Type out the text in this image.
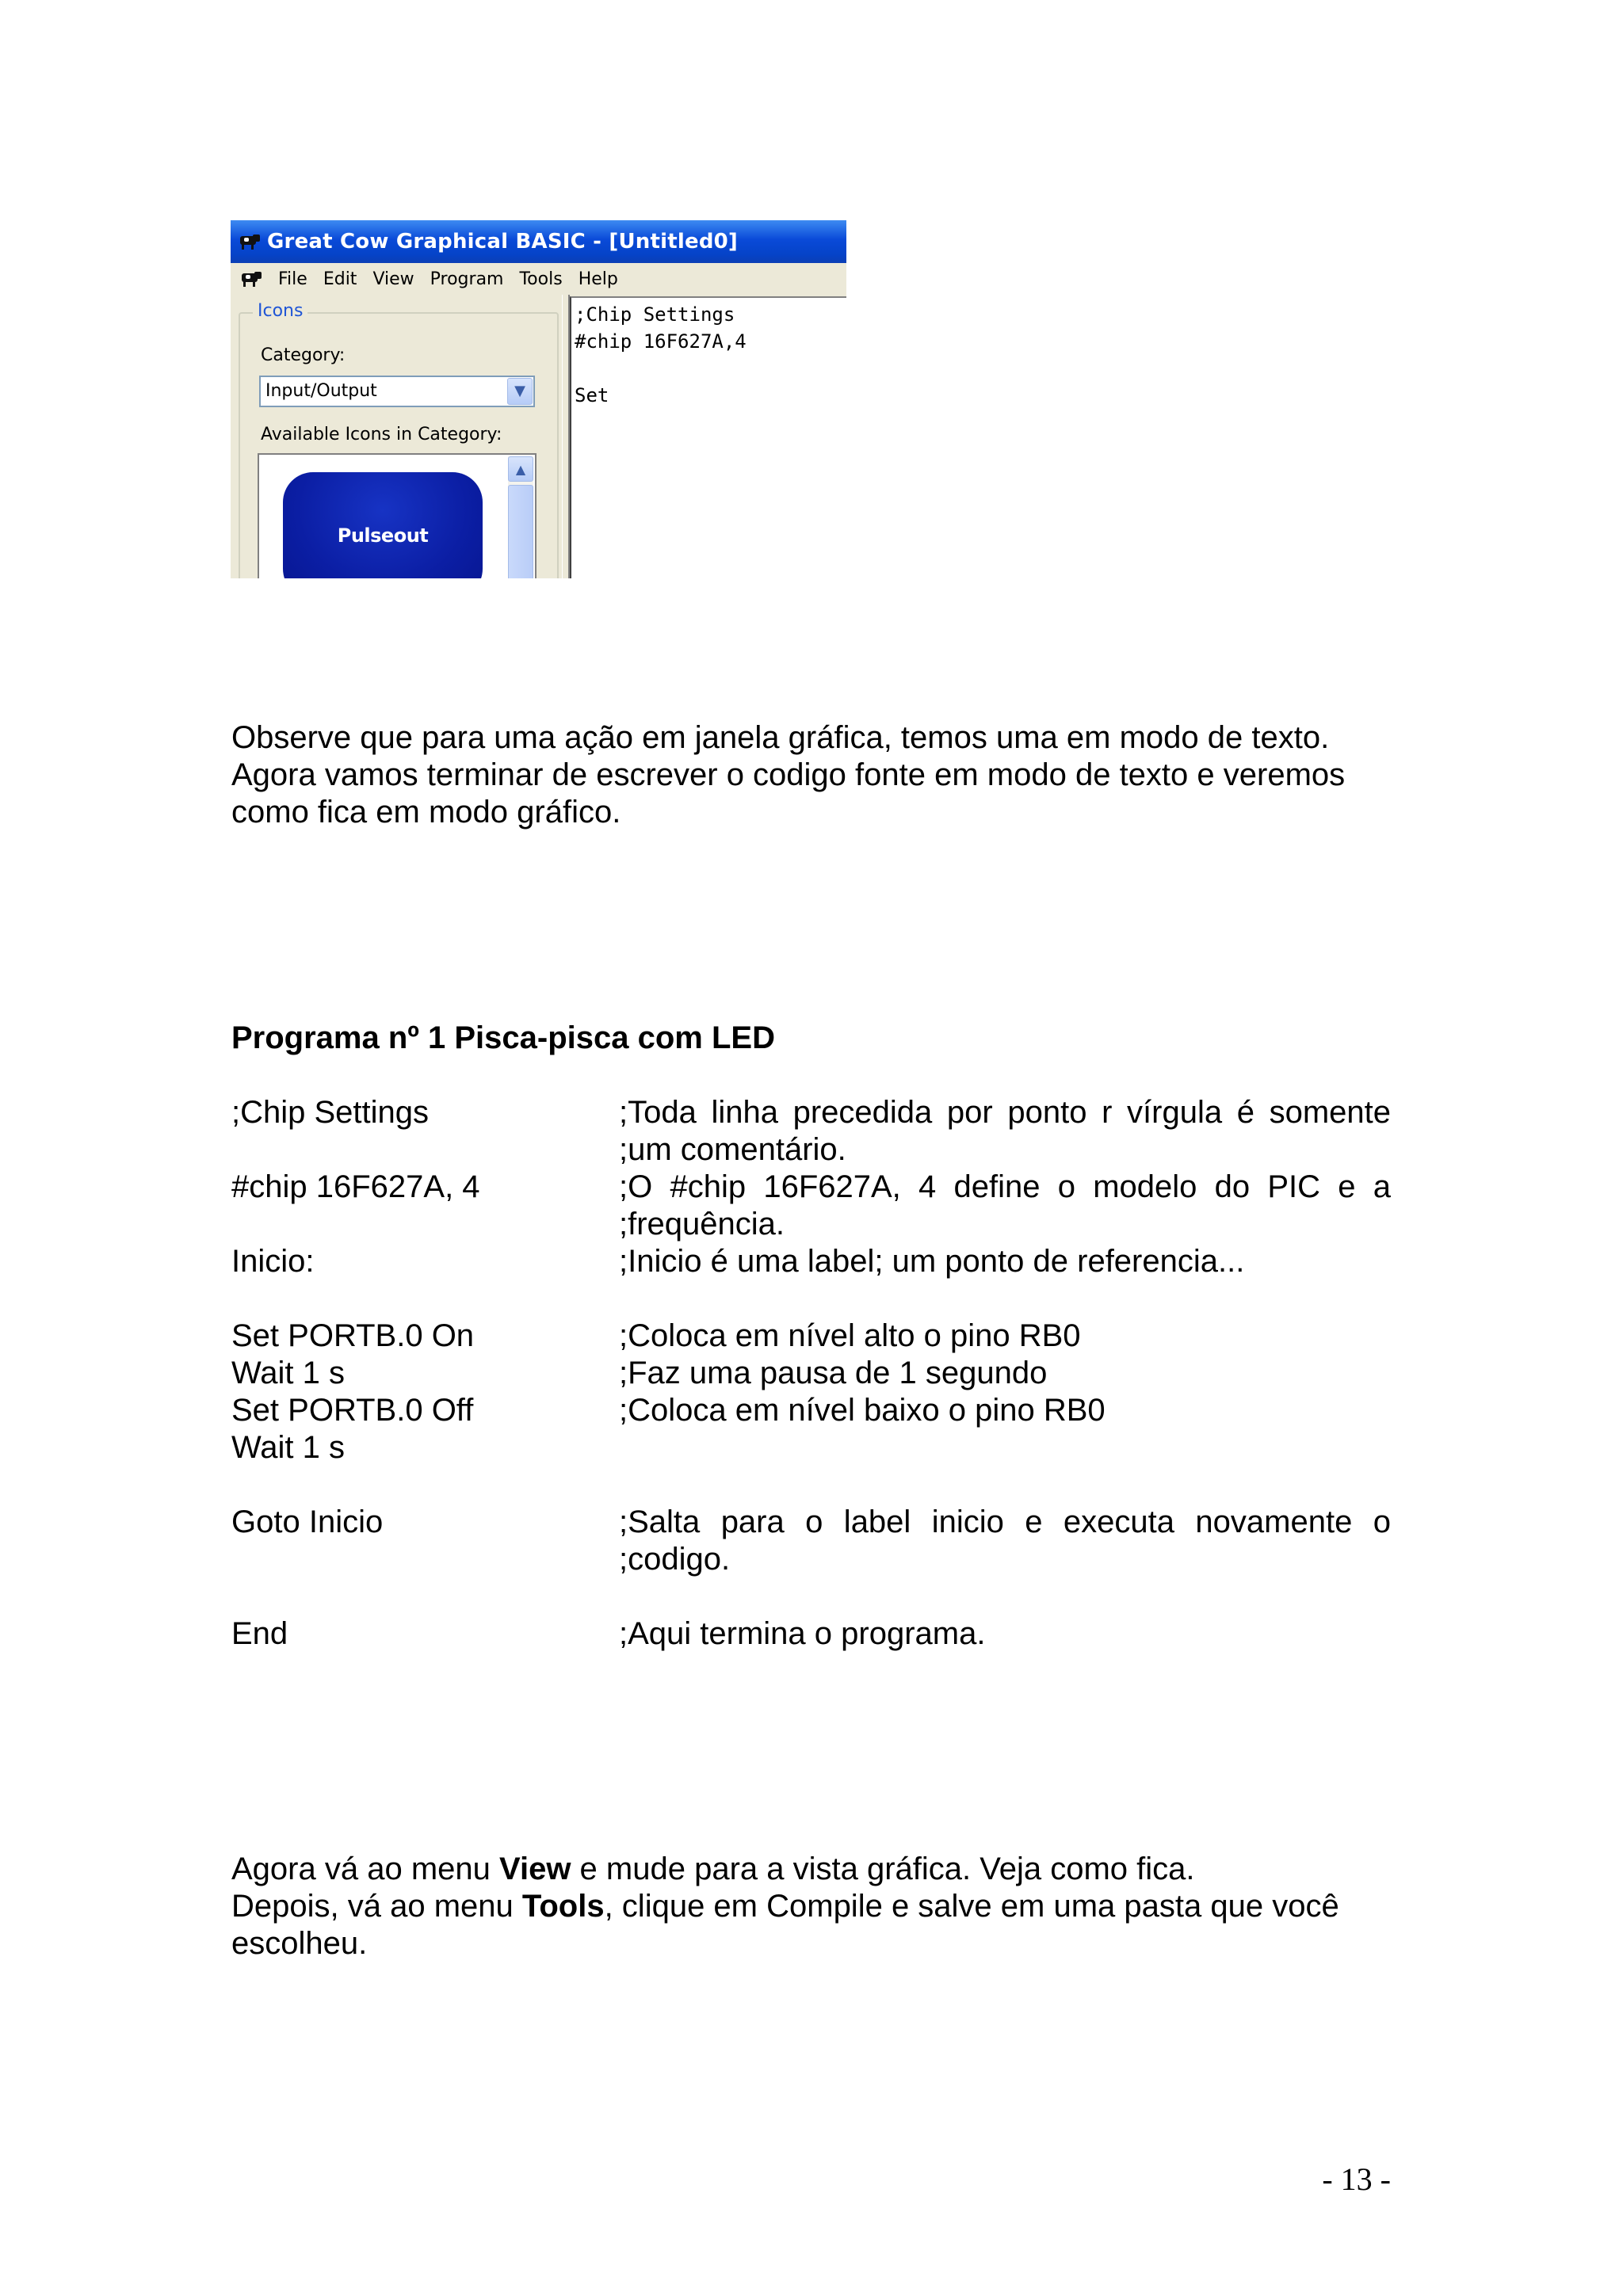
Great Cow Graphical BASIC - [Untitled0]
File Edit View Program Tools Help
Icons
Category:
Input/Output	▼
Available Icons in Category:
Pulseout
▲
;Chip Settings
#chip 16F627A,4
Set
Observe que para uma ação em janela gráfica, temos uma em modo de texto.
Agora vamos terminar de escrever o codigo fonte em modo de texto e veremos
como fica em modo gráfico.
Programa nº 1 Pisca-pisca com LED
;Chip Settings	;Toda linha precedida por ponto r vírgula é somente
;um comentário.
#chip 16F627A, 4	;O #chip 16F627A, 4 define o modelo do PIC e a
;frequência.
Inicio:	;Inicio é uma label; um ponto de referencia...
Set PORTB.0 On	;Coloca em nível alto o pino RB0
Wait 1 s	;Faz uma pausa de 1 segundo
Set PORTB.0 Off	;Coloca em nível baixo o pino RB0
Wait 1 s
Goto Inicio	;Salta para o label inicio e executa novamente o
;codigo.
End	;Aqui termina o programa.
Agora vá ao menu View e mude para a vista gráfica. Veja como fica.
Depois, vá ao menu Tools, clique em Compile e salve em uma pasta que você
escolheu.
- 13 -
